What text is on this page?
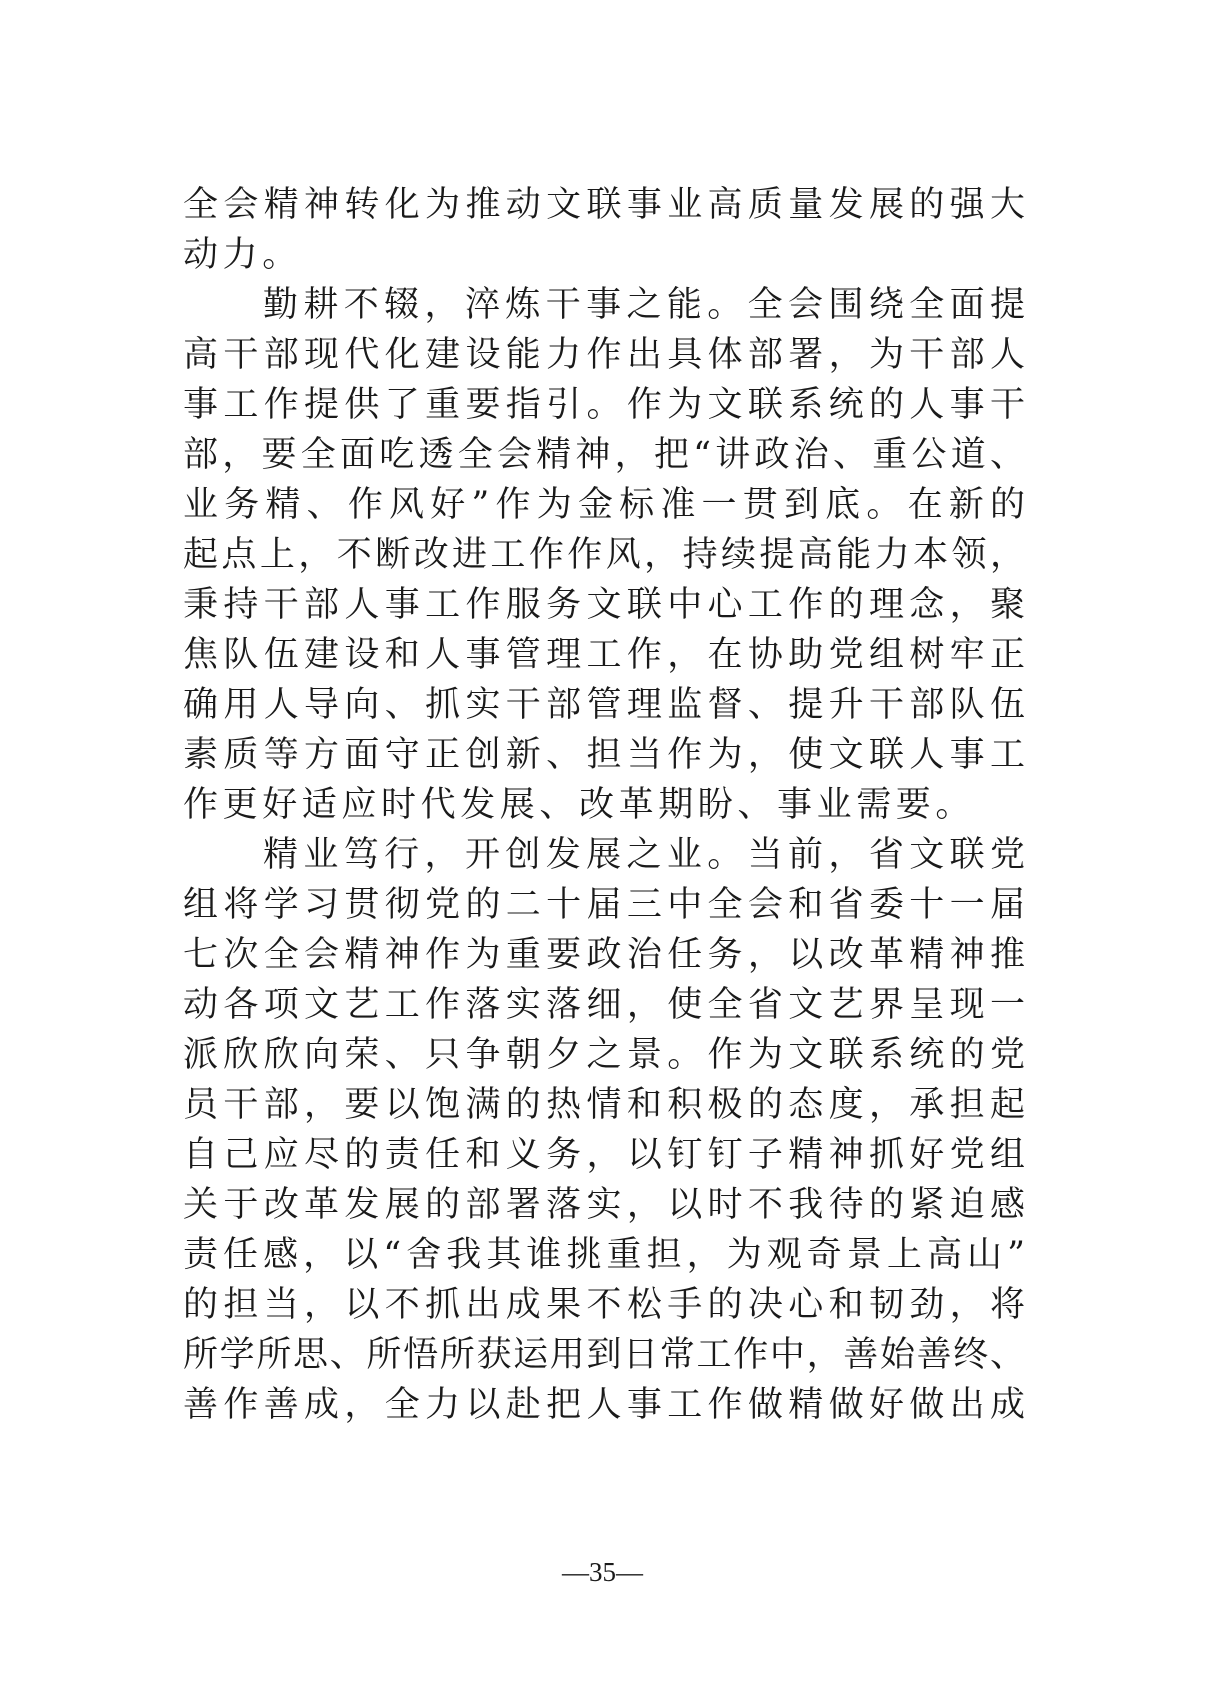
全会精神转化为推动文联事业高质量发展的强大
动力。
勤耕不辍，淬炼干事之能。全会围绕全面提
高干部现代化建设能力作出具体部署，为干部人
事工作提供了重要指引。作为文联系统的人事干
部，要全面吃透全会精神，把“讲政治、重公道、
业务精、作风好”作为金标准一贯到底。在新的
起点上，不断改进工作作风，持续提高能力本领，
秉持干部人事工作服务文联中心工作的理念，聚
焦队伍建设和人事管理工作，在协助党组树牢正
确用人导向、抓实干部管理监督、提升干部队伍
素质等方面守正创新、担当作为，使文联人事工
作更好适应时代发展、改革期盼、事业需要。
精业笃行，开创发展之业。当前，省文联党
组将学习贯彻党的二十届三中全会和省委十一届
七次全会精神作为重要政治任务，以改革精神推
动各项文艺工作落实落细，使全省文艺界呈现一
派欣欣向荣、只争朝夕之景。作为文联系统的党
员干部，要以饱满的热情和积极的态度，承担起
自己应尽的责任和义务，以钉钉子精神抓好党组
关于改革发展的部署落实，以时不我待的紧迫感
责任感，以“舍我其谁挑重担，为观奇景上高山”
的担当，以不抓出成果不松手的决心和韧劲，将
所学所思、所悟所获运用到日常工作中，善始善终、
善作善成，全力以赴把人事工作做精做好做出成
—35—
